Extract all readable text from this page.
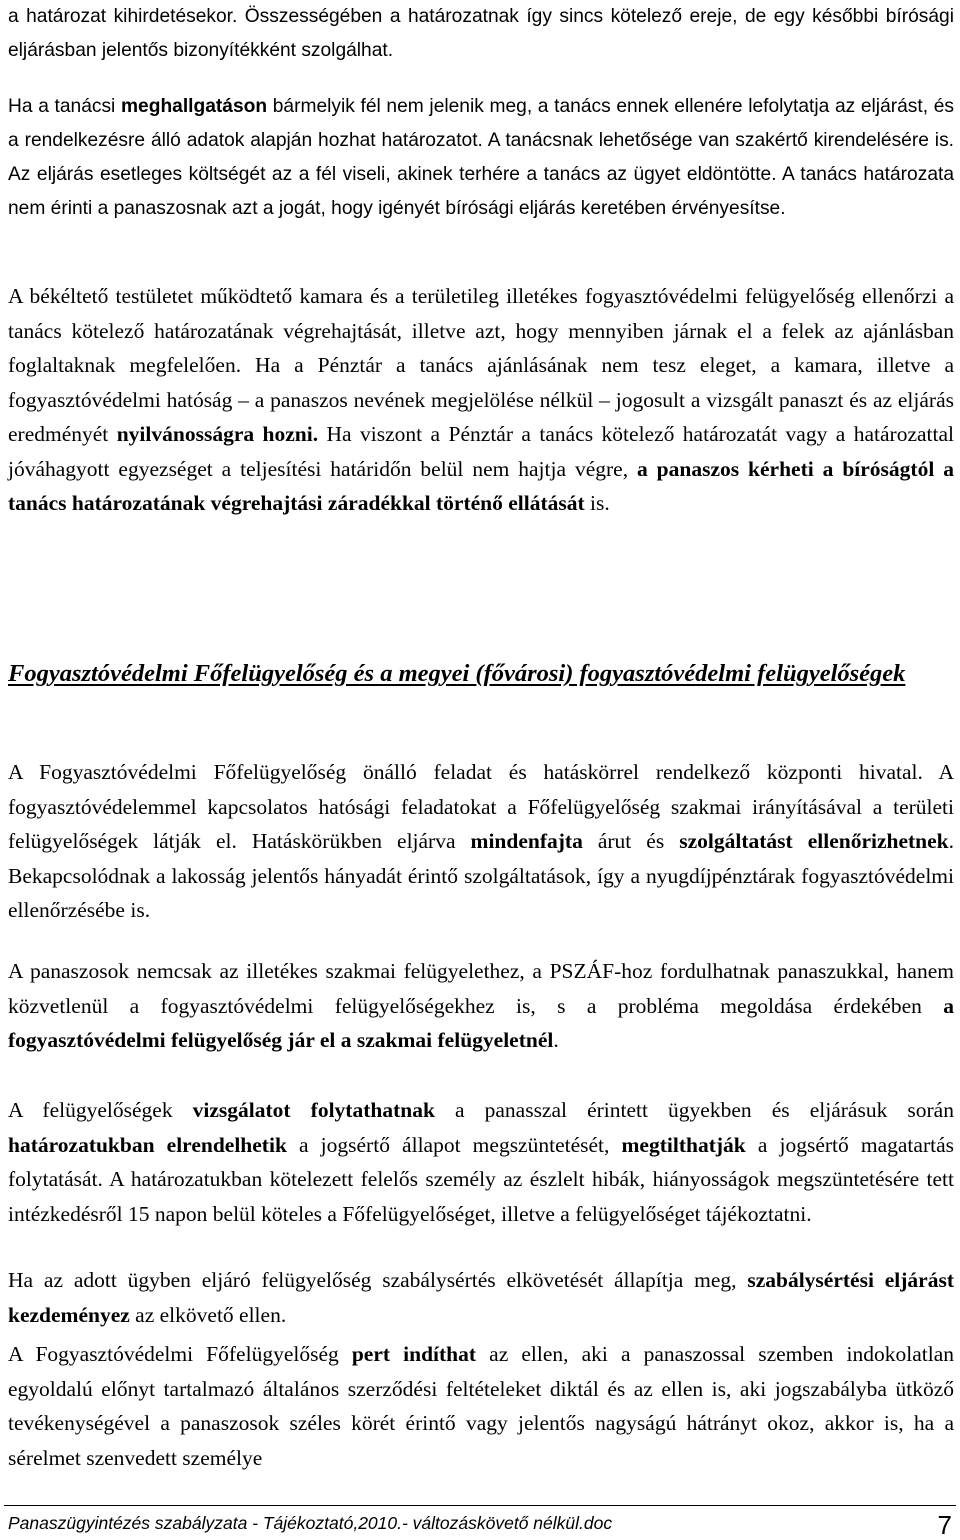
a határozat kihirdetésekor. Összességében a határozatnak így sincs kötelező ereje, de egy későbbi bírósági eljárásban jelentős bizonyítékként szolgálhat.

Ha a tanácsi meghallgatáson bármelyik fél nem jelenik meg, a tanács ennek ellenére lefolytatja az eljárást, és a rendelkezésre álló adatok alapján hozhat határozatot. A tanácsnak lehetősége van szakértő kirendelésére is. Az eljárás esetleges költségét az a fél viseli, akinek terhére a tanács az ügyet eldöntötte. A tanács határozata nem érinti a panaszosnak azt a jogát, hogy igényét bírósági eljárás keretében érvényesítse.

A békéltető testületet működtető kamara és a területileg illetékes fogyasztóvédelmi felügyelőség ellenőrzi a tanács kötelező határozatának végrehajtását, illetve azt, hogy mennyiben járnak el a felek az ajánlásban foglaltaknak megfelelően. Ha a Pénztár a tanács ajánlásának nem tesz eleget, a kamara, illetve a fogyasztóvédelmi hatóság – a panaszos nevének megjelölése nélkül – jogosult a vizsgált panaszt és az eljárás eredményét nyilvánosságra hozni. Ha viszont a Pénztár a tanács kötelező határozatát vagy a határozattal jóváhagyott egyezséget a teljesítési határidőn belül nem hajtja végre, a panaszos kérheti a bíróságtól a tanács határozatának végrehajtási záradékkal történő ellátását is.

Fogyasztóvédelmi Főfelügyelőség és a megyei (fővárosi) fogyasztóvédelmi felügyelőségek

A Fogyasztóvédelmi Főfelügyelőség önálló feladat és hatáskörrel rendelkező központi hivatal. A fogyasztóvédelemmel kapcsolatos hatósági feladatokat a Főfelügyelőség szakmai irányításával a területi felügyelőségek látják el. Hatáskörükben eljárva mindenfajta árut és szolgáltatást ellenőrizhetnek. Bekapcsolódnak a lakosság jelentős hányadát érintő szolgáltatások, így a nyugdíjpénztárak fogyasztóvédelmi ellenőrzésébe is.

A panaszosok nemcsak az illetékes szakmai felügyelethez, a PSZÁF-hoz fordulhatnak panaszukkal, hanem közvetlenül a fogyasztóvédelmi felügyelőségekhez is, s a probléma megoldása érdekében a fogyasztóvédelmi felügyelőség jár el a szakmai felügyeletnél.

A felügyelőségek vizsgálatot folytathatnak a panasszal érintett ügyekben és eljárásuk során határozatukban elrendelhetik a jogsértő állapot megszüntetését, megtilthatják a jogsértő magatartás folytatását. A határozatukban kötelezett felelős személy az észlelt hibák, hiányosságok megszüntetésére tett intézkedésről 15 napon belül köteles a Főfelügyelőséget, illetve a felügyelőséget tájékoztatni.

Ha az adott ügyben eljáró felügyelőség szabálysértés elkövetését állapítja meg, szabálysértési eljárást kezdeményez az elkövető ellen.

A Fogyasztóvédelmi Főfelügyelőség pert indíthat az ellen, aki a panaszossal szemben indokolatlan egyoldalú előnyt tartalmazó általános szerződési feltételeket diktál és az ellen is, aki jogszabályba ütköző tevékenységével a panaszosok széles körét érintő vagy jelentős nagyságú hátrányt okoz, akkor is, ha a sérelmet szenvedett személye

Panaszügyintézés szabályzata - Tájékoztató,2010.- változáskövető nélkül.doc	7
